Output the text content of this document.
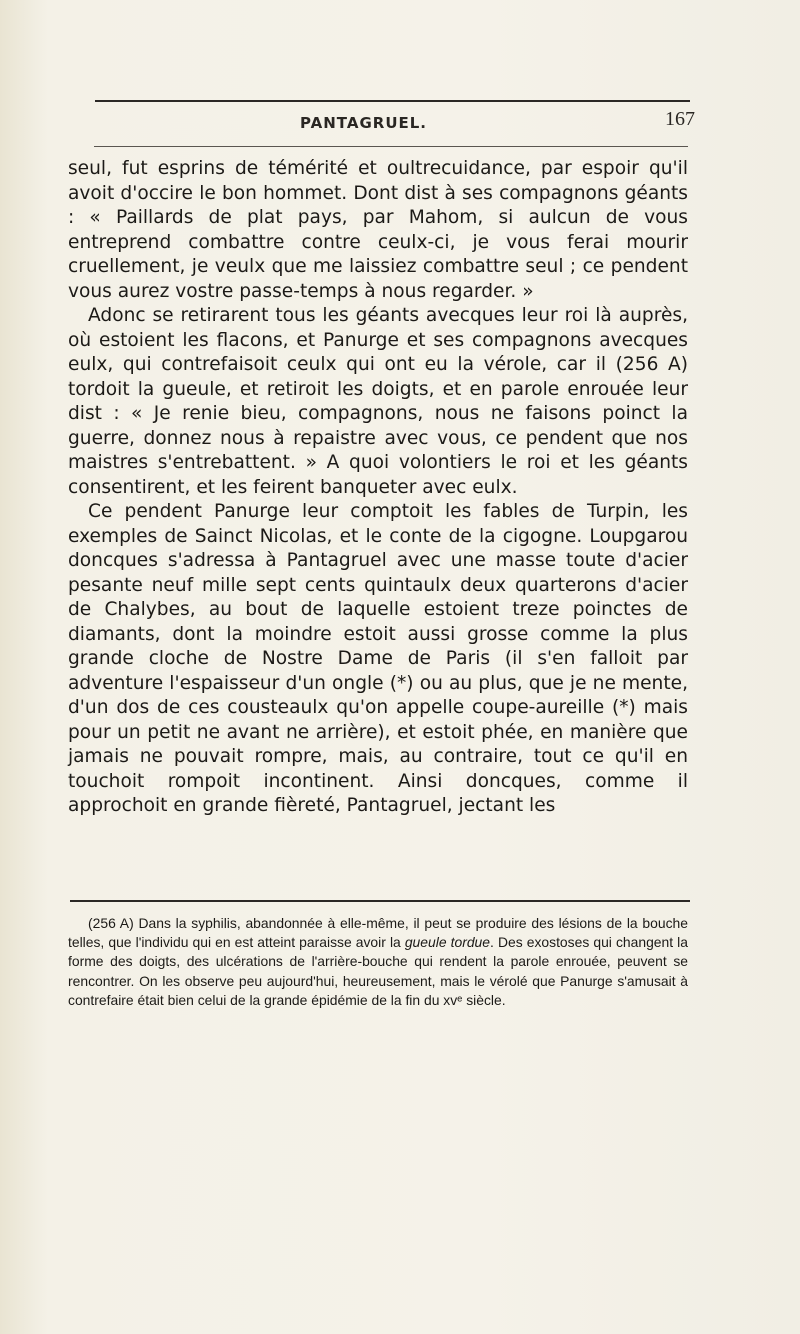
PANTAGRUEL.	167

seul, fut esprins de témérité et oultrecuidance, par espoir qu'il avoit d'occire le bon hommet. Dont dist à ses compagnons géants : « Paillards de plat pays, par Mahom, si aulcun de vous entreprend combattre contre ceulx-ci, je vous ferai mourir cruellement, je veulx que me laissiez combattre seul ; ce pendent vous aurez vostre passe-temps à nous regarder. »

Adonc se retirarent tous les géants avecques leur roi là auprès, où estoient les flacons, et Panurge et ses compagnons avecques eulx, qui contrefaisoit ceulx qui ont eu la vérole, car il (256 A) tordoit la gueule, et retiroit les doigts, et en parole enrouée leur dist : « Je renie bieu, compagnons, nous ne faisons poinct la guerre, donnez nous à repaistre avec vous, ce pendent que nos maistres s'entrebattent. » A quoi volontiers le roi et les géants consentirent, et les feirent banqueter avec eulx.

Ce pendent Panurge leur comptoit les fables de Turpin, les exemples de Sainct Nicolas, et le conte de la cigogne. Loupgarou doncques s'adressa à Pantagruel avec une masse toute d'acier pesante neuf mille sept cents quintaulx deux quarterons d'acier de Chalybes, au bout de laquelle estoient treze poinctes de diamants, dont la moindre estoit aussi grosse comme la plus grande cloche de Nostre Dame de Paris (il s'en falloit par adventure l'espaisseur d'un ongle (*) ou au plus, que je ne mente, d'un dos de ces cousteaulx qu'on appelle coupe-aureille (*) mais pour un petit ne avant ne arrière), et estoit phée, en manière que jamais ne pouvait rompre, mais, au contraire, tout ce qu'il en touchoit rompoit incontinent. Ainsi doncques, comme il approchoit en grande fièreté, Pantagruel, jectant les

(256 A) Dans la syphilis, abandonnée à elle-même, il peut se produire des lésions de la bouche telles, que l'individu qui en est atteint paraisse avoir la gueule tordue. Des exostoses qui changent la forme des doigts, des ulcérations de l'arrière-bouche qui rendent la parole enrouée, peuvent se rencontrer. On les observe peu aujourd'hui, heureusement, mais le vérolé que Panurge s'amusait à contrefaire était bien celui de la grande épidémie de la fin du xvᵉ siècle.
